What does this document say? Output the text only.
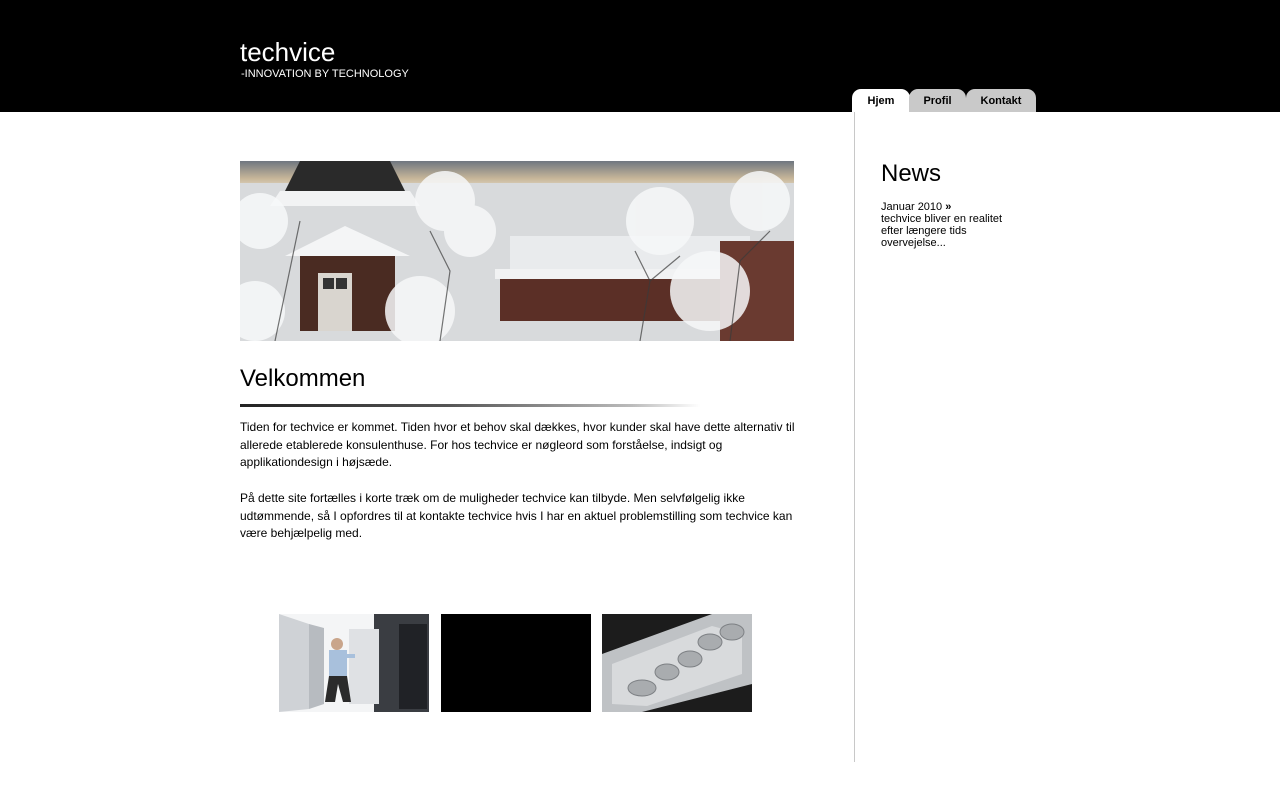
techvice
-INNOVATION BY TECHNOLOGY
Hjem	Profil	Kontakt
Velkommen

Tiden for techvice er kommet. Tiden hvor et behov skal dækkes, hvor kunder skal have dette alternativ til allerede etablerede konsulenthuse. For hos techvice er nøgleord som forståelse, indsigt og applikationdesign i højsæde.

På dette site fortælles i korte træk om de muligheder techvice kan tilbyde. Men selvfølgelig ikke udtømmende, så I opfordres til at kontakte techvice hvis I har en aktuel problemstilling som techvice kan være behjælpelig med.

News
Januar 2010 »
techvice bliver en realitet efter længere tids overvejelse...
